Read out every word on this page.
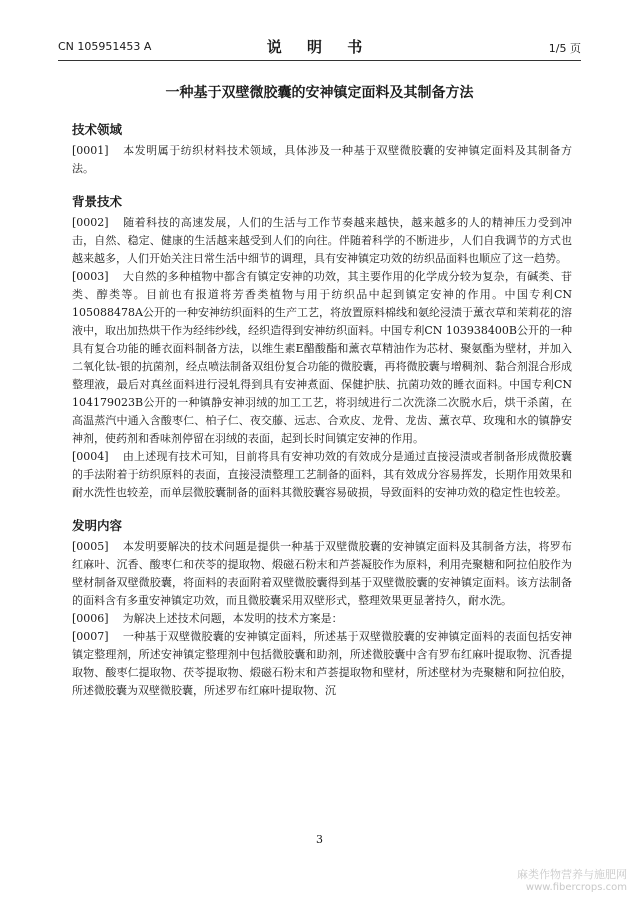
CN 105951453 A	说 明 书	1/5 页
一种基于双壁微胶囊的安神镇定面料及其制备方法
技术领域

[0001] 本发明属于纺织材料技术领域，具体涉及一种基于双壁微胶囊的安神镇定面料及其制备方法。

背景技术

[0002] 随着科技的高速发展，人们的生活与工作节奏越来越快，越来越多的人的精神压力受到冲击，自然、稳定、健康的生活越来越受到人们的向往。伴随着科学的不断进步，人们自我调节的方式也越来越多，人们开始关注日常生活中细节的调理，具有安神镇定功效的纺织品面料也顺应了这一趋势。

[0003] 大自然的多种植物中都含有镇定安神的功效，其主要作用的化学成分较为复杂，有碱类、苷类、醇类等。目前也有报道将芳香类植物与用于纺织品中起到镇定安神的作用。中国专利CN 105088478A公开的一种安神纺织面料的生产工艺，将放置原料棉线和氨纶浸渍于薰衣草和茉莉花的溶液中，取出加热烘干作为经纬纱线，经织造得到安神纺织面料。中国专利CN 103938400B公开的一种具有复合功能的睡衣面料制备方法，以维生素E醋酸酯和薰衣草精油作为芯材、聚氨酯为壁材，并加入二氧化钛-银的抗菌剂，经点喷法制备双组份复合功能的微胶囊，再将微胶囊与增稠剂、黏合剂混合形成整理液，最后对真丝面料进行浸轧得到具有安神煮面、保健护肤、抗菌功效的睡衣面料。中国专利CN 104179023B公开的一种镇静安神羽绒的加工工艺，将羽绒进行二次洗涤二次脱水后，烘干杀菌，在高温蒸汽中通入含酸枣仁、柏子仁、夜交藤、远志、合欢皮、龙骨、龙齿、薰衣草、玫瑰和水的镇静安神剂，使药剂和香味剂停留在羽绒的表面，起到长时间镇定安神的作用。

[0004] 由上述现有技术可知，目前将具有安神功效的有效成分是通过直接浸渍或者制备形成微胶囊的手法附着于纺织原料的表面，直接浸渍整理工艺制备的面料，其有效成分容易挥发，长期作用效果和耐水洗性也较差，而单层微胶囊制备的面料其微胶囊容易破损，导致面料的安神功效的稳定性也较差。

发明内容

[0005] 本发明要解决的技术问题是提供一种基于双壁微胶囊的安神镇定面料及其制备方法，将罗布红麻叶、沉香、酸枣仁和茯苓的提取物、煅磁石粉末和芦荟凝胶作为原料，利用壳聚糖和阿拉伯胶作为壁材制备双壁微胶囊，将面料的表面附着双壁微胶囊得到基于双壁微胶囊的安神镇定面料。该方法制备的面料含有多重安神镇定功效，而且微胶囊采用双壁形式，整理效果更显著持久，耐水洗。

[0006] 为解决上述技术问题，本发明的技术方案是：

[0007] 一种基于双壁微胶囊的安神镇定面料，所述基于双壁微胶囊的安神镇定面料的表面包括安神镇定整理剂，所述安神镇定整理剂中包括微胶囊和助剂，所述微胶囊中含有罗布红麻叶提取物、沉香提取物、酸枣仁提取物、茯苓提取物、煅磁石粉末和芦荟提取物和壁材，所述壁材为壳聚糖和阿拉伯胶，所述微胶囊为双壁微胶囊，所述罗布红麻叶提取物、沉

3
麻类作物营养与施肥网
www.fibercrops.com
